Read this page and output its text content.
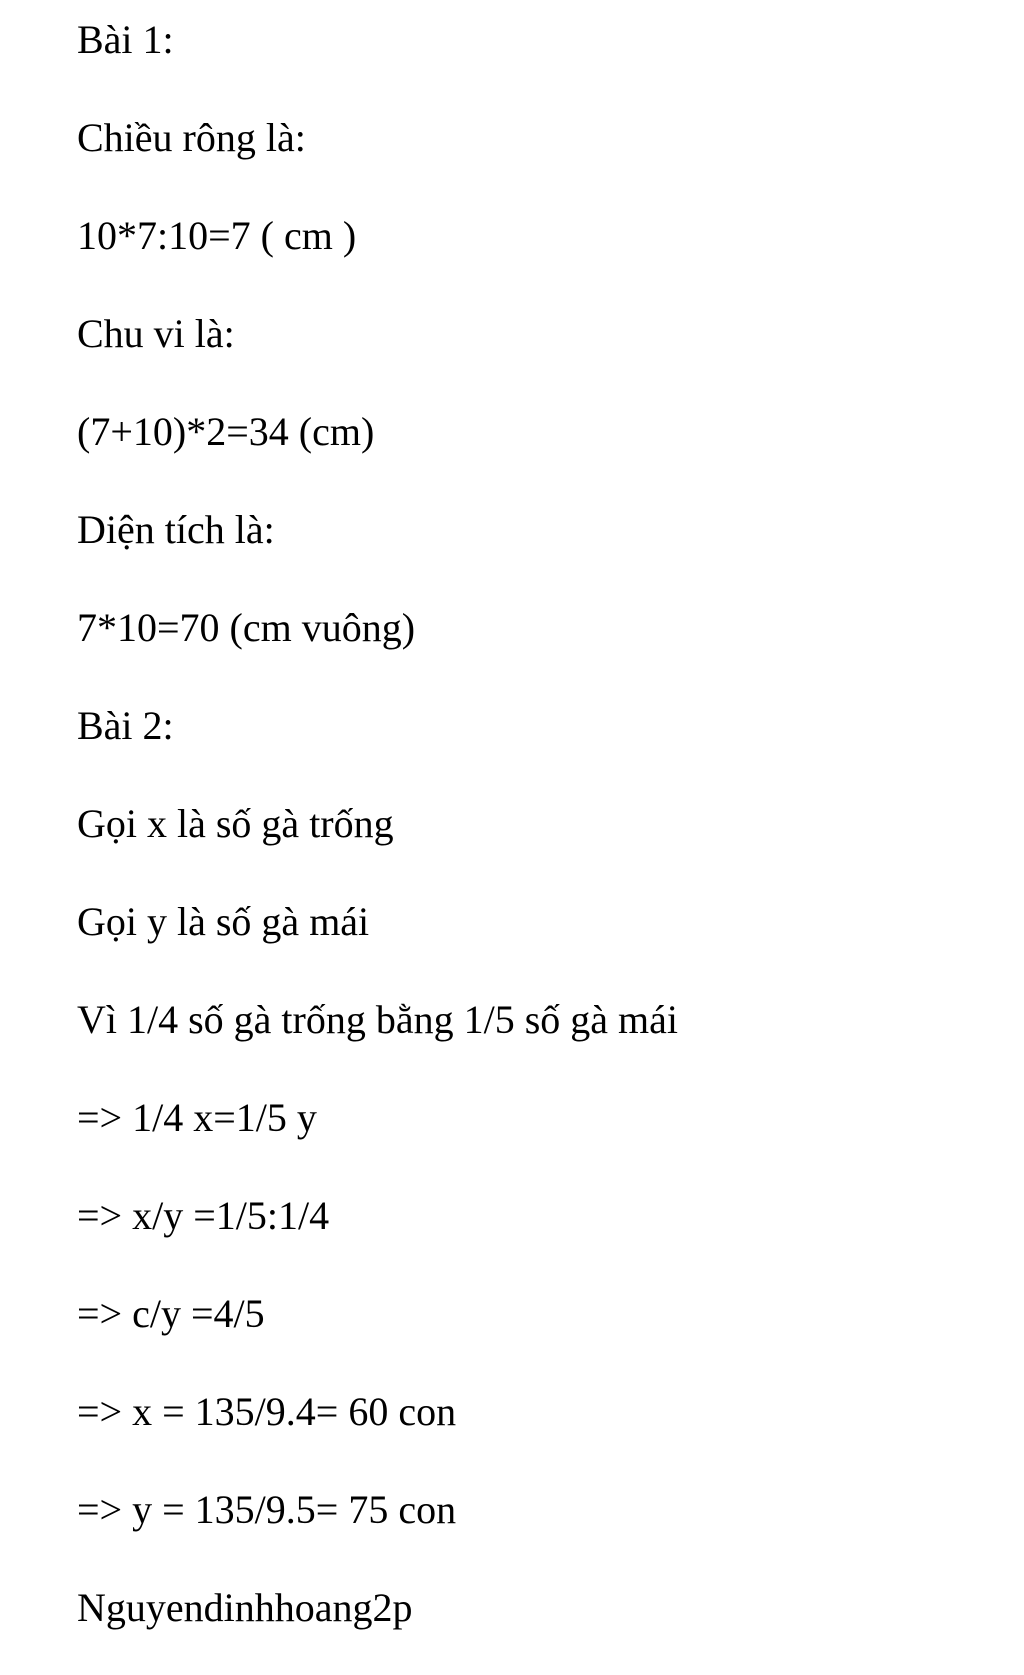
Bài 1:

Chiều rông là:

10*7:10=7 ( cm )

Chu vi là:

(7+10)*2=34 (cm)

Diện tích là:

7*10=70 (cm vuông)

Bài 2:

Gọi x là số gà trống

Gọi y là số gà mái

Vì 1/4 số gà trống bằng 1/5 số gà mái

=> 1/4 x=1/5 y

=> x/y =1/5:1/4

=> c/y =4/5

=> x = 135/9.4= 60 con

=> y = 135/9.5= 75 con

Nguyendinhhoang2p
